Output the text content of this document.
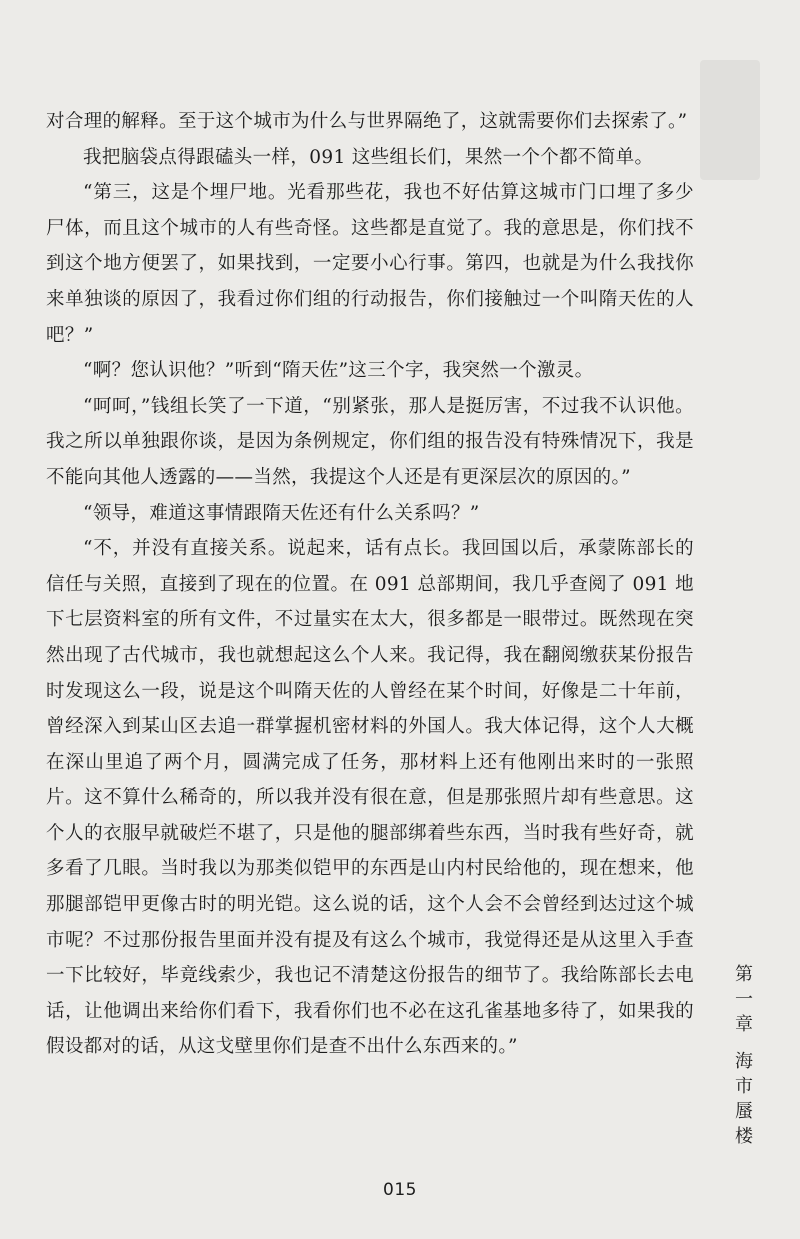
对合理的解释。至于这个城市为什么与世界隔绝了，这就需要你们去探索了。”

我把脑袋点得跟磕头一样，091 这些组长们，果然一个个都不简单。

“第三，这是个埋尸地。光看那些花，我也不好估算这城市门口埋了多少尸体，而且这个城市的人有些奇怪。这些都是直觉了。我的意思是，你们找不到这个地方便罢了，如果找到，一定要小心行事。第四，也就是为什么我找你来单独谈的原因了，我看过你们组的行动报告，你们接触过一个叫隋天佐的人吧？”

“啊？您认识他？”听到“隋天佐”这三个字，我突然一个激灵。

“呵呵，”钱组长笑了一下道，“别紧张，那人是挺厉害，不过我不认识他。我之所以单独跟你谈，是因为条例规定，你们组的报告没有特殊情况下，我是不能向其他人透露的——当然，我提这个人还是有更深层次的原因的。”

“领导，难道这事情跟隋天佐还有什么关系吗？”

“不，并没有直接关系。说起来，话有点长。我回国以后，承蒙陈部长的信任与关照，直接到了现在的位置。在 091 总部期间，我几乎查阅了 091 地下七层资料室的所有文件，不过量实在太大，很多都是一眼带过。既然现在突然出现了古代城市，我也就想起这么个人来。我记得，我在翻阅缴获某份报告时发现这么一段，说是这个叫隋天佐的人曾经在某个时间，好像是二十年前，曾经深入到某山区去追一群掌握机密材料的外国人。我大体记得，这个人大概在深山里追了两个月，圆满完成了任务，那材料上还有他刚出来时的一张照片。这不算什么稀奇的，所以我并没有很在意，但是那张照片却有些意思。这个人的衣服早就破烂不堪了，只是他的腿部绑着些东西，当时我有些好奇，就多看了几眼。当时我以为那类似铠甲的东西是山内村民给他的，现在想来，他那腿部铠甲更像古时的明光铠。这么说的话，这个人会不会曾经到达过这个城市呢？不过那份报告里面并没有提及有这么个城市，我觉得还是从这里入手查一下比较好，毕竟线索少，我也记不清楚这份报告的细节了。我给陈部长去电话，让他调出来给你们看下，我看你们也不必在这孔雀基地多待了，如果我的假设都对的话，从这戈壁里你们是查不出什么东西来的。”

第
一
章
海
市
蜃
楼
015
